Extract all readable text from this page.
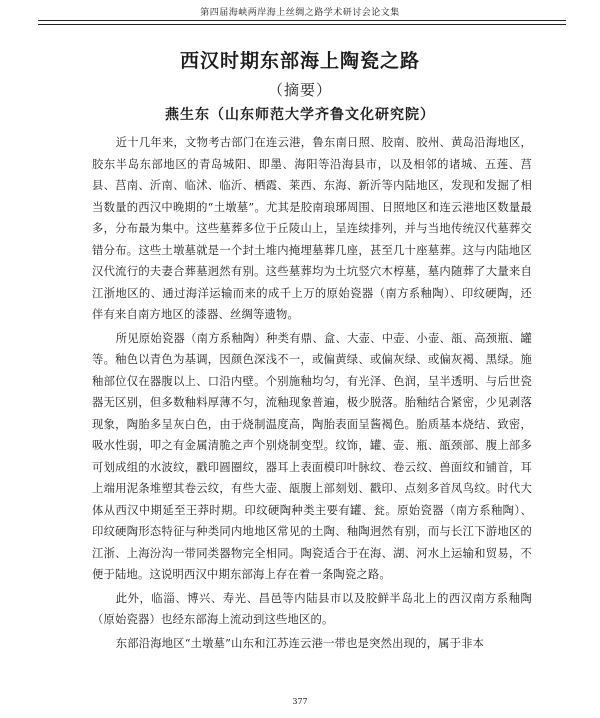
第四届海峡两岸海上丝绸之路学术研讨会论文集
西汉时期东部海上陶瓷之路
（摘要）
燕生东（山东师范大学齐鲁文化研究院）

近十几年来，文物考古部门在连云港，鲁东南日照、胶南、胶州、黄岛沿海地区，胶东半岛东部地区的青岛城阳、即墨、海阳等沿海县市，以及相邻的诸城、五莲、莒县、莒南、沂南、临沭、临沂、栖霞、莱西、东海、新沂等内陆地区，发现和发掘了相当数量的西汉中晚期的“土墩墓”。尤其是胶南琅琊周围、日照地区和连云港地区数量最多，分布最为集中。这些墓葬多位于丘陵山上，呈连续排列，并与当地传统汉代墓葬交错分布。这些土墩墓就是一个封土堆内掩埋墓葬几座，甚至几十座墓葬。这与内陆地区汉代流行的夫妻合葬墓迥然有别。这些墓葬均为土坑竖穴木椁墓，墓内随葬了大量来自江浙地区的、通过海洋运输而来的成千上万的原始瓷器（南方系釉陶）、印纹硬陶，还伴有来自南方地区的漆器、丝绸等遗物。

所见原始瓷器（南方系釉陶）种类有鼎、盒、大壶、中壶、小壶、瓿、高颈瓶、罐等。釉色以青色为基调，因颜色深浅不一，或偏黄绿、或偏灰绿、或偏灰褐、黑绿。施釉部位仅在器腹以上、口沿内壁。个别施釉均匀，有光泽、色润，呈半透明、与后世瓷器无区别，但多数釉料厚薄不匀，流釉现象普遍，极少脱落。胎釉结合紧密，少见剥落现象，陶胎多呈灰白色，由于烧制温度高，陶胎表面呈酱褐色。胎质基本烧结、致密，吸水性弱，叩之有金属清脆之声个别烧制变型。纹饰，罐、壶、瓶、瓿颈部、腹上部多可划成组的水波纹，戳印圆圈纹，器耳上表面模印叶脉纹、卷云纹、兽面纹和铺首，耳上端用泥条堆塑其卷云纹，有些大壶、瓿腹上部刻划、戳印、点刻多首凤鸟纹。时代大体从西汉中期延至王莽时期。印纹硬陶种类主要有罐、瓮。原始瓷器（南方系釉陶）、印纹硬陶形态特征与种类同内地地区常见的土陶、釉陶迥然有别，而与长江下游地区的江浙、上海汾沟一带同类器物完全相同。陶瓷适合于在海、湖、河水上运输和贸易，不便于陆地。这说明西汉中期东部海上存在着一条陶瓷之路。

此外，临淄、博兴、寿光、昌邑等内陆县市以及胶鲜半岛北上的西汉南方系釉陶（原始瓷器）也经东部海上流动到这些地区的。

东部沿海地区“土墩墓”山东和江苏连云港一带也是突然出现的，属于非本

377
